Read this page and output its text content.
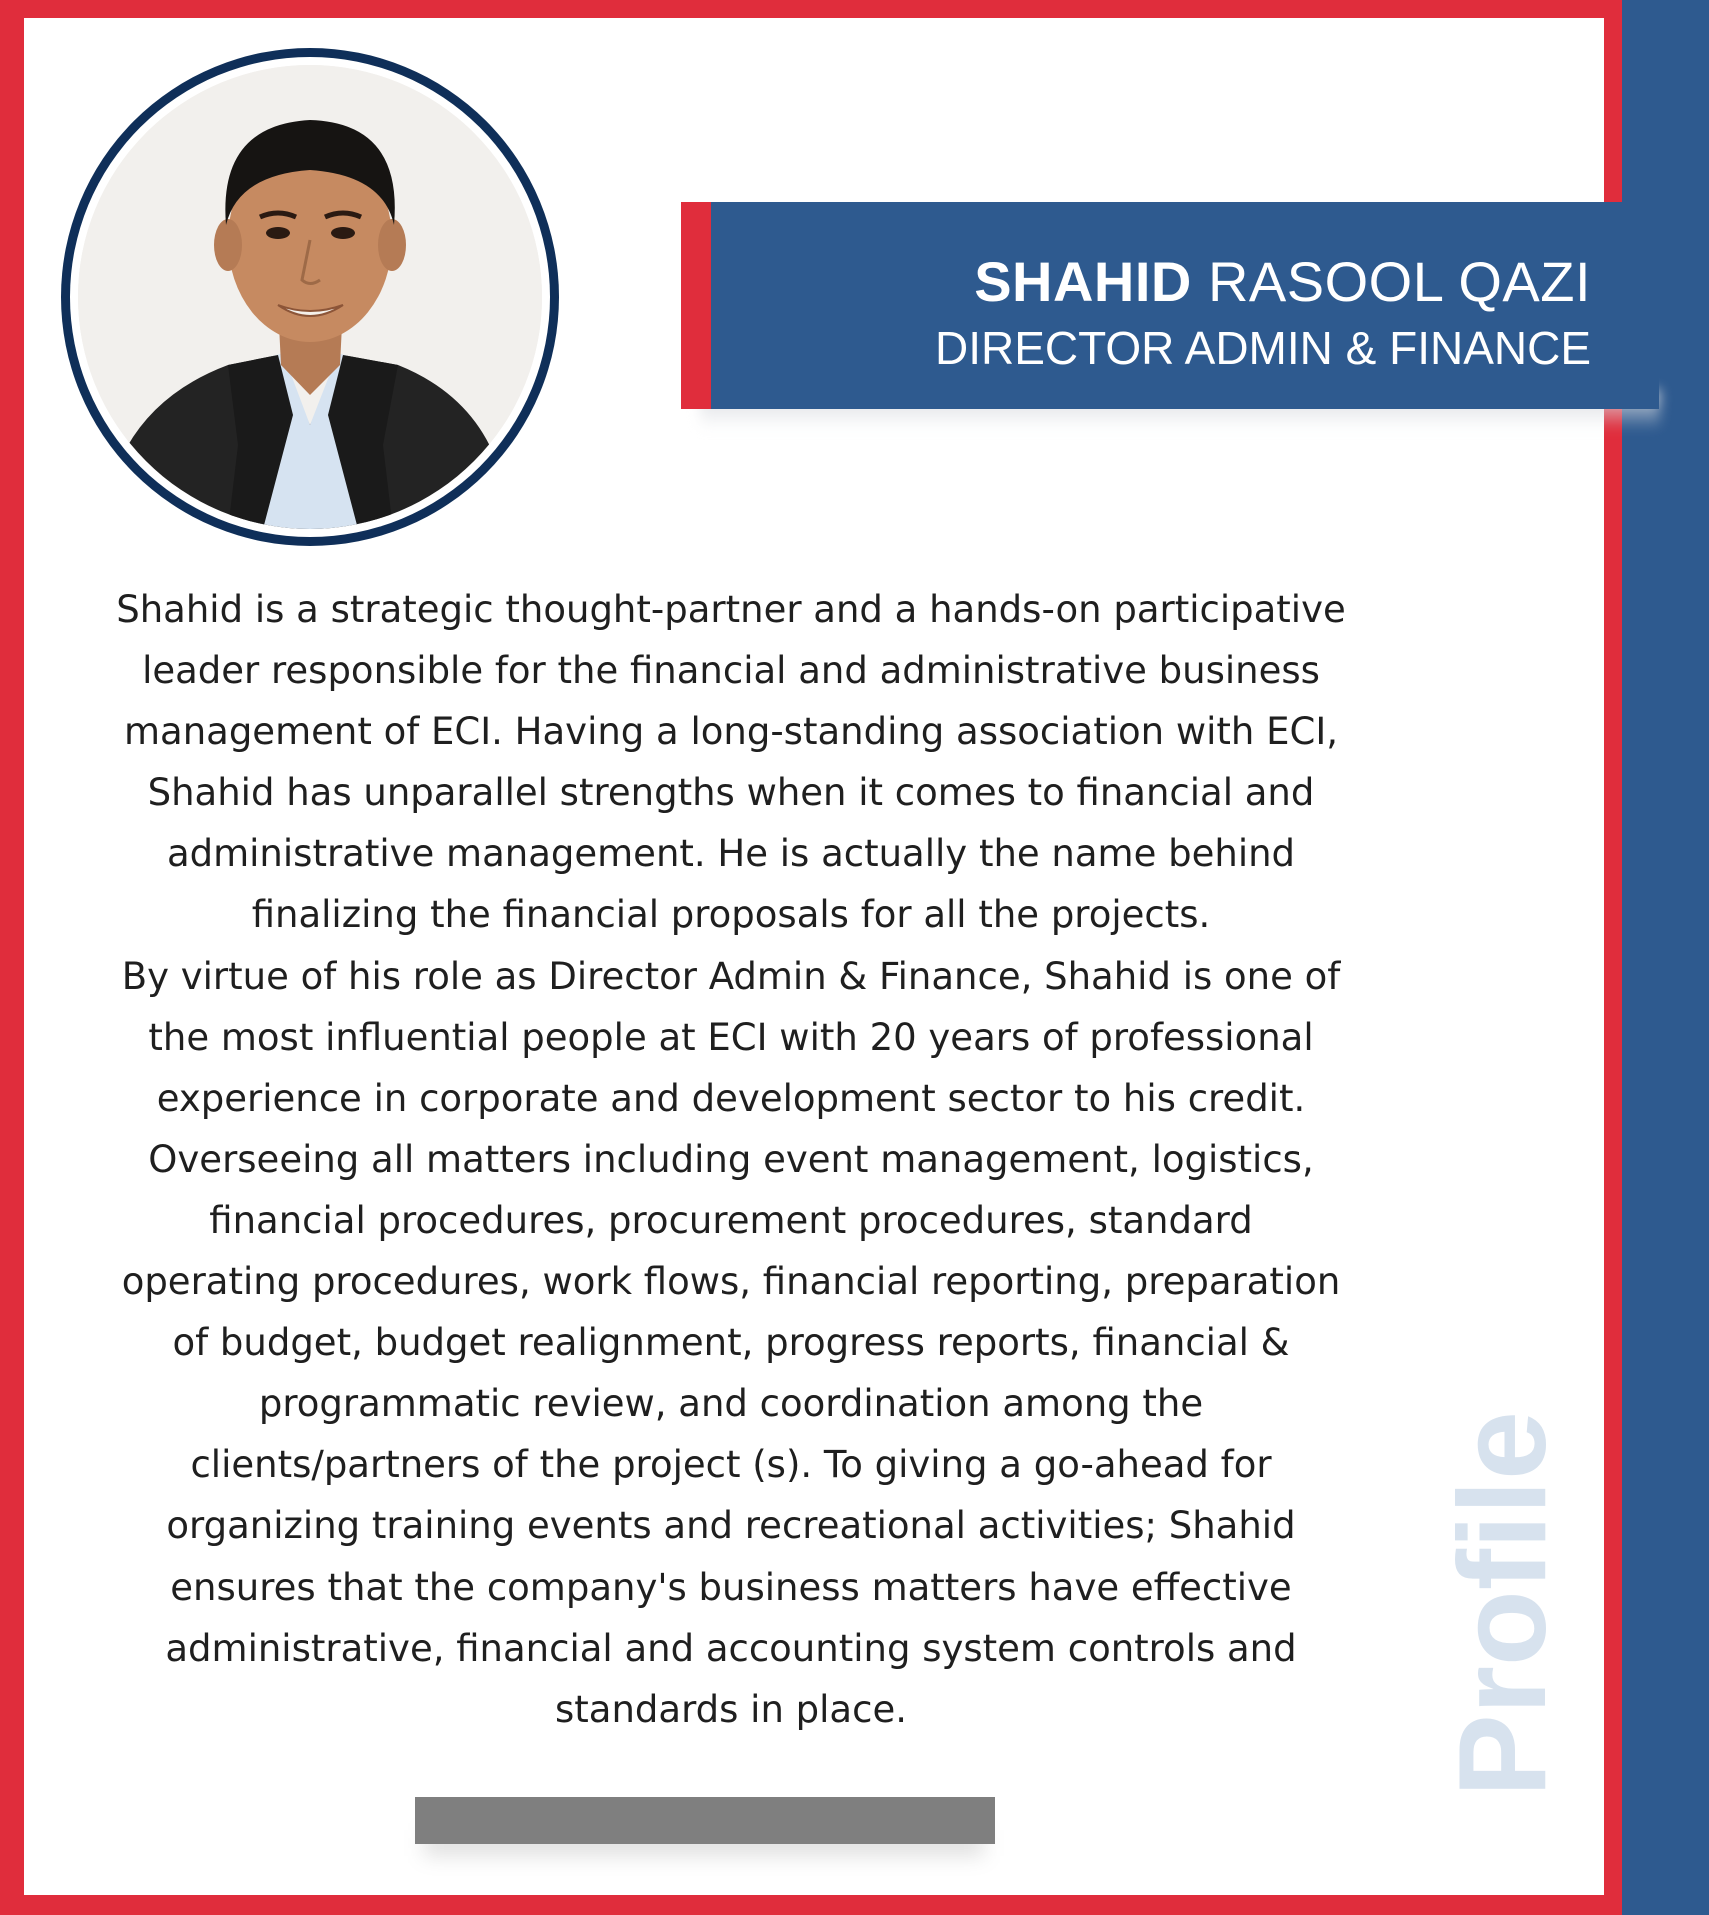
SHAHID RASOOL QAZI

DIRECTOR ADMIN & FINANCE

Shahid is a strategic thought-partner and a hands-on participative
leader responsible for the financial and administrative business
management of ECI. Having a long-standing association with ECI,
Shahid has unparallel strengths when it comes to financial and
administrative management. He is actually the name behind
finalizing the financial proposals for all the projects.
By virtue of his role as Director Admin & Finance, Shahid is one of
the most influential people at ECI with 20 years of professional
experience in corporate and development sector to his credit.
Overseeing all matters including event management, logistics,
financial procedures, procurement procedures, standard
operating procedures, work flows, financial reporting, preparation
of budget, budget realignment, progress reports, financial &
programmatic review, and coordination among the
clients/partners of the project (s). To giving a go-ahead for
organizing training events and recreational activities; Shahid
ensures that the company's business matters have effective
administrative, financial and accounting system controls and
standards in place.	Profile
